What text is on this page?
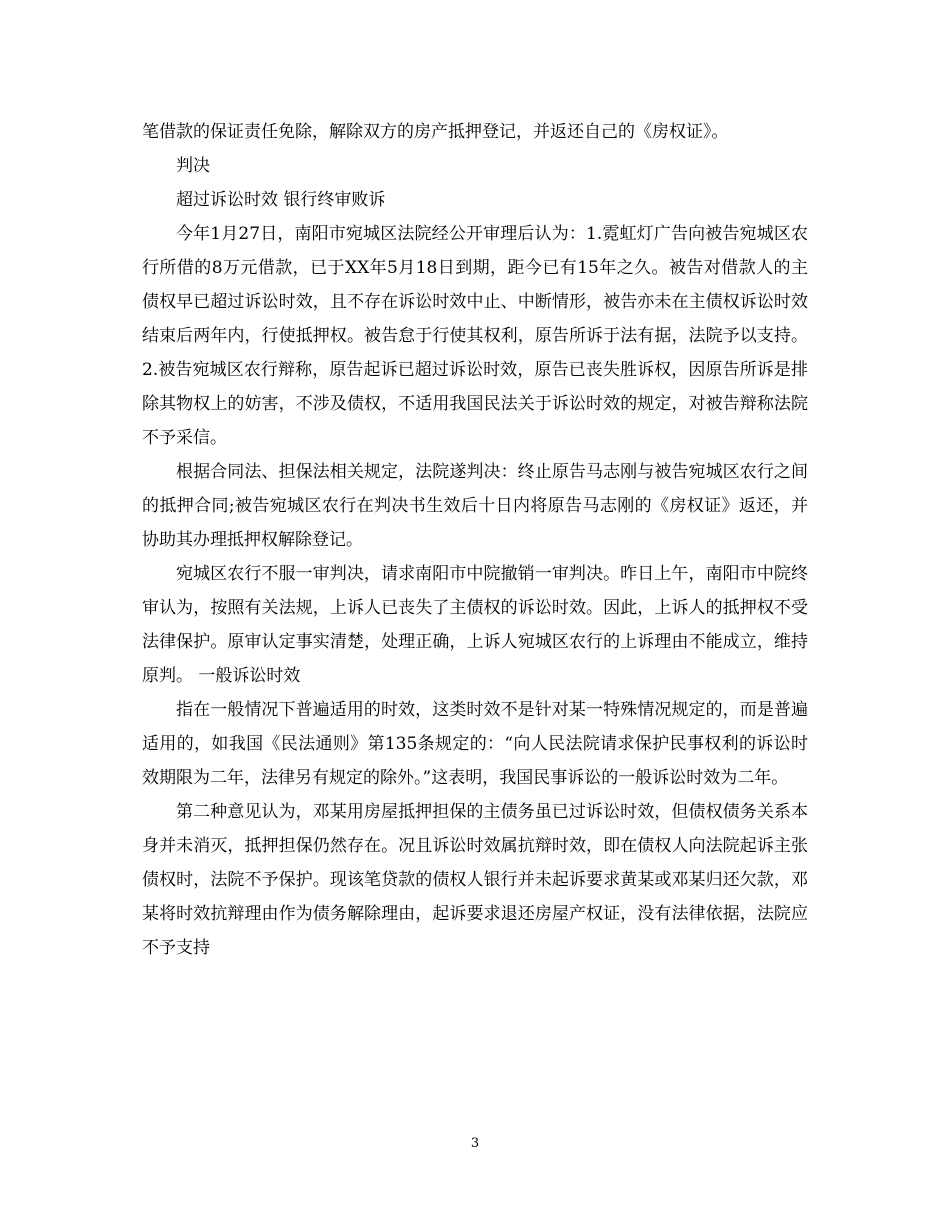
笔借款的保证责任免除，解除双方的房产抵押登记，并返还自己的《房权证》。

判决

超过诉讼时效 银行终审败诉

今年1月27日，南阳市宛城区法院经公开审理后认为：1.霓虹灯广告向被告宛城区农行所借的8万元借款，已于XX年5月18日到期，距今已有15年之久。被告对借款人的主债权早已超过诉讼时效，且不存在诉讼时效中止、中断情形，被告亦未在主债权诉讼时效结束后两年内，行使抵押权。被告怠于行使其权利，原告所诉于法有据，法院予以支持。2.被告宛城区农行辩称，原告起诉已超过诉讼时效，原告已丧失胜诉权，因原告所诉是排除其物权上的妨害，不涉及债权，不适用我国民法关于诉讼时效的规定，对被告辩称法院不予采信。

根据合同法、担保法相关规定，法院遂判决：终止原告马志刚与被告宛城区农行之间的抵押合同;被告宛城区农行在判决书生效后十日内将原告马志刚的《房权证》返还，并协助其办理抵押权解除登记。

宛城区农行不服一审判决，请求南阳市中院撤销一审判决。昨日上午，南阳市中院终审认为，按照有关法规，上诉人已丧失了主债权的诉讼时效。因此，上诉人的抵押权不受法律保护。原审认定事实清楚，处理正确，上诉人宛城区农行的上诉理由不能成立，维持原判。 一般诉讼时效

指在一般情况下普遍适用的时效，这类时效不是针对某一特殊情况规定的，而是普遍适用的，如我国《民法通则》第135条规定的：“向人民法院请求保护民事权利的诉讼时效期限为二年，法律另有规定的除外。”这表明，我国民事诉讼的一般诉讼时效为二年。

第二种意见认为，邓某用房屋抵押担保的主债务虽已过诉讼时效，但债权债务关系本身并未消灭，抵押担保仍然存在。况且诉讼时效属抗辩时效，即在债权人向法院起诉主张债权时，法院不予保护。现该笔贷款的债权人银行并未起诉要求黄某或邓某归还欠款，邓某将时效抗辩理由作为债务解除理由，起诉要求退还房屋产权证，没有法律依据，法院应不予支持

3
